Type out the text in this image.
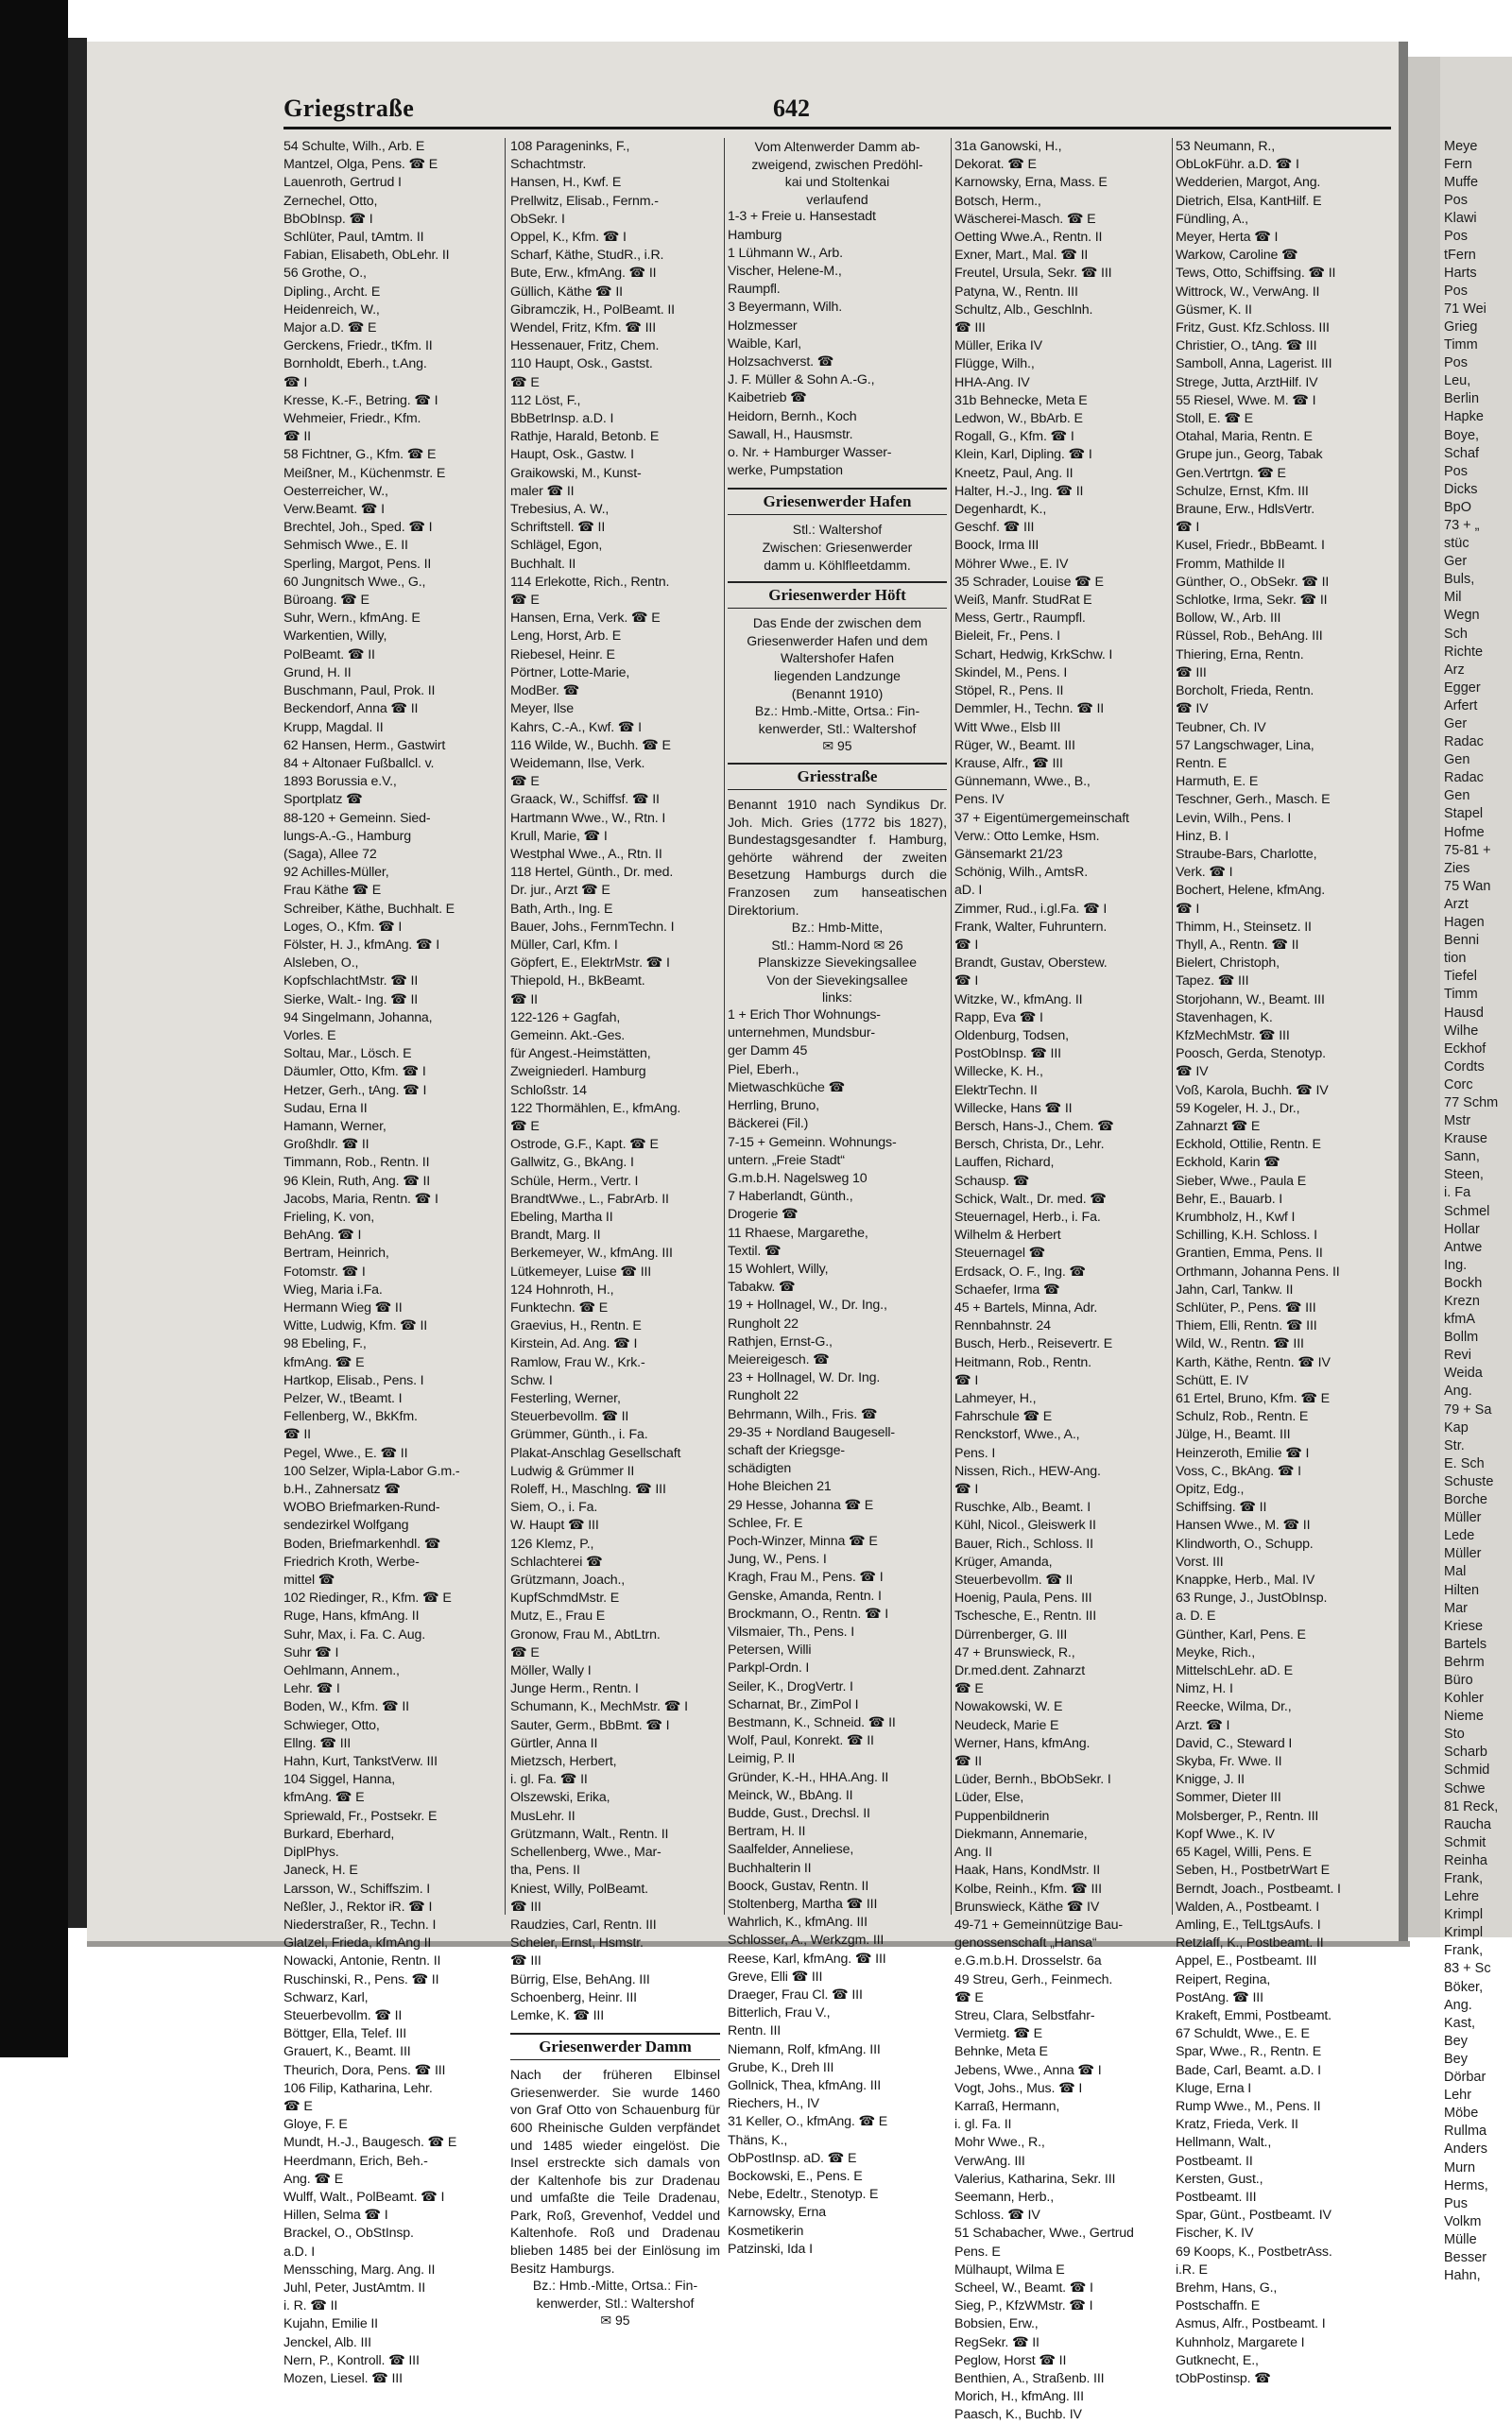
Meye
Fern
Muffe
Pos
Klawi
Pos
tFern
Harts
Pos
71 Wei
Grieg
Timm
Pos
Leu,
Berlin
Hapke
Boye,
Schaf
Pos
Dicks
BpO
73 + „
stüc
Ger
Buls,
Mil
Wegn
Sch
Richte
Arz
Egger
Arfert
Ger
Radac
Gen
Radac
Gen
Stapel
Hofme
75-81 +
Zies
75 Wan
Arzt
Hagen
Benni
tion
Tiefel
Timm
Hausd
Wilhe
Eckhof
Cordts
Corc
77 Schm
Mstr
Krause
Sann,
Steen,
i. Fa
Schmel
Hollar
Antwe
Ing.
Bockh
Krezn
kfmA
Bollm
Revi
Weida
Ang.
79 + Sa
Kap
Str.
E. Sch
Schuste
Borche
Müller
Lede
Müller
Mal
Hilten
Mar
Kriese
Bartels
Behrm
Büro
Kohler
Nieme
Sto
Scharb
Schmid
Schwe
81 Reck,
Raucha
Schmit
Reinha
Frank,
Lehre
Krimpl
Krimpl
Frank,
83 + Sc
Böker,
Ang.
Kast,
Bey
Bey
Dörbar
Lehr
Möbe
Rullma
Anders
Murn
Herms,
Pus
Volkm
Mülle
Besser
Hahn,
Griegstraße	642
54 Schulte, Wilh., Arb. E
Mantzel, Olga, Pens. ☎ E
Lauenroth, Gertrud I
Zernechel, Otto,
BbObInsp. ☎ I
Schlüter, Paul, tAmtm. II
Fabian, Elisabeth, ObLehr. II
56 Grothe, O.,
Dipling., Archt. E
Heidenreich, W.,
Major a.D. ☎ E
Gerckens, Friedr., tKfm. II
Bornholdt, Eberh., t.Ang.
☎ I
Kresse, K.-F., Betring. ☎ I
Wehmeier, Friedr., Kfm.
☎ II
58 Fichtner, G., Kfm. ☎ E
Meißner, M., Küchenmstr. E
Oesterreicher, W.,
Verw.Beamt. ☎ I
Brechtel, Joh., Sped. ☎ I
Sehmisch Wwe., E. II
Sperling, Margot, Pens. II
60 Jungnitsch Wwe., G.,
Büroang. ☎ E
Suhr, Wern., kfmAng. E
Warkentien, Willy,
PolBeamt. ☎ II
Grund, H. II
Buschmann, Paul, Prok. II
Beckendorf, Anna ☎ II
Krupp, Magdal. II
62 Hansen, Herm., Gastwirt
84 + Altonaer Fußballcl. v.
1893 Borussia e.V.,
Sportplatz ☎
88-120 + Gemeinn. Sied-
lungs-A.-G., Hamburg
(Saga), Allee 72
92 Achilles-Müller,
Frau Käthe ☎ E
Schreiber, Käthe, Buchhalt. E
Loges, O., Kfm. ☎ I
Fölster, H. J., kfmAng. ☎ I
Alsleben, O.,
KopfschlachtMstr. ☎ II
Sierke, Walt.- Ing. ☎ II
94 Singelmann, Johanna,
Vorles. E
Soltau, Mar., Lösch. E
Däumler, Otto, Kfm. ☎ I
Hetzer, Gerh., tAng. ☎ I
Sudau, Erna II
Hamann, Werner,
Großhdlr. ☎ II
Timmann, Rob., Rentn. II
96 Klein, Ruth, Ang. ☎ II
Jacobs, Maria, Rentn. ☎ I
Frieling, K. von,
BehAng. ☎ I
Bertram, Heinrich,
Fotomstr. ☎ I
Wieg, Maria i.Fa.
Hermann Wieg ☎ II
Witte, Ludwig, Kfm. ☎ II
98 Ebeling, F.,
kfmAng. ☎ E
Hartkop, Elisab., Pens. I
Pelzer, W., tBeamt. I
Fellenberg, W., BkKfm.
☎ II
Pegel, Wwe., E. ☎ II
100 Selzer, Wipla-Labor G.m.-
b.H., Zahnersatz ☎
WOBO Briefmarken-Rund-
sendezirkel Wolfgang
Boden, Briefmarkenhdl. ☎
Friedrich Kroth, Werbe-
mittel ☎
102 Riedinger, R., Kfm. ☎ E
Ruge, Hans, kfmAng. II
Suhr, Max, i. Fa. C. Aug.
Suhr ☎ I
Oehlmann, Annem.,
Lehr. ☎ I
Boden, W., Kfm. ☎ II
Schwieger, Otto,
Ellng. ☎ III
Hahn, Kurt, TankstVerw. III
104 Siggel, Hanna,
kfmAng. ☎ E
Spriewald, Fr., Postsekr. E
Burkard, Eberhard,
DiplPhys.
Janeck, H. E
Larsson, W., Schiffszim. I
Neßler, J., Rektor iR. ☎ I
Niederstraßer, R., Techn. I
Glatzel, Frieda, kfmAng II
Nowacki, Antonie, Rentn. II
Ruschinski, R., Pens. ☎ II
Schwarz, Karl,
Steuerbevollm. ☎ II
Böttger, Ella, Telef. III
Grauert, K., Beamt. III
Theurich, Dora, Pens. ☎ III
106 Filip, Katharina, Lehr.
☎ E
Gloye, F. E
Mundt, H.-J., Baugesch. ☎ E
Heerdmann, Erich, Beh.-
Ang. ☎ E
Wulff, Walt., PolBeamt. ☎ I
Hillen, Selma ☎ I
Brackel, O., ObStInsp.
a.D. I
Menssching, Marg. Ang. II
Juhl, Peter, JustAmtm. II
i. R. ☎ II
Kujahn, Emilie II
Jenckel, Alb. III
Nern, P., Kontroll. ☎ III
Mozen, Liesel. ☎ III
108 Parageninks, F.,
Schachtmstr.
Hansen, H., Kwf. E
Prellwitz, Elisab., Fernm.-
ObSekr. I
Oppel, K., Kfm. ☎ I
Scharf, Käthe, StudR., i.R.
Bute, Erw., kfmAng. ☎ II
Güllich, Käthe ☎ II
Gibramczik, H., PolBeamt. II
Wendel, Fritz, Kfm. ☎ III
Hessenauer, Fritz, Chem.
110 Haupt, Osk., Gastst.
☎ E
112 Löst, F.,
BbBetrInsp. a.D. I
Rathje, Harald, Betonb. E
Haupt, Osk., Gastw. I
Graikowski, M., Kunst-
maler ☎ II
Trebesius, A. W.,
Schriftstell. ☎ II
Schlägel, Egon,
Buchhalt. II
114 Erlekotte, Rich., Rentn.
☎ E
Hansen, Erna, Verk. ☎ E
Leng, Horst, Arb. E
Riebesel, Heinr. E
Pörtner, Lotte-Marie,
ModBer. ☎
Meyer, Ilse
Kahrs, C.-A., Kwf. ☎ I
116 Wilde, W., Buchh. ☎ E
Weidemann, Ilse, Verk.
☎ E
Graack, W., Schiffsf. ☎ II
Hartmann Wwe., W., Rtn. I
Krull, Marie, ☎ I
Westphal Wwe., A., Rtn. II
118 Hertel, Günth., Dr. med.
Dr. jur., Arzt ☎ E
Bath, Arth., Ing. E
Bauer, Johs., FernmTechn. I
Müller, Carl, Kfm. I
Göpfert, E., ElektrMstr. ☎ I
Thiepold, H., BkBeamt.
☎ II
122-126 + Gagfah,
Gemeinn. Akt.-Ges.
für Angest.-Heimstätten,
Zweigniederl. Hamburg
Schloßstr. 14
122 Thormählen, E., kfmAng.
☎ E
Ostrode, G.F., Kapt. ☎ E
Gallwitz, G., BkAng. I
Schüle, Herm., Vertr. I
BrandtWwe., L., FabrArb. II
Ebeling, Martha II
Brandt, Marg. II
Berkemeyer, W., kfmAng. III
Lütkemeyer, Luise ☎ III
124 Hohnroth, H.,
Funktechn. ☎ E
Graevius, H., Rentn. E
Kirstein, Ad. Ang. ☎ I
Ramlow, Frau W., Krk.-
Schw. I
Festerling, Werner,
Steuerbevollm. ☎ II
Grümmer, Günth., i. Fa.
Plakat-Anschlag Gesellschaft
Ludwig & Grümmer II
Roleff, H., Maschlng. ☎ III
Siem, O., i. Fa.
W. Haupt ☎ III
126 Klemz, P.,
Schlachterei ☎
Grützmann, Joach.,
KupfSchmdMstr. E
Mutz, E., Frau E
Gronow, Frau M., AbtLtrn.
☎ E
Möller, Wally I
Junge Herm., Rentn. I
Schumann, K., MechMstr. ☎ I
Sauter, Germ., BbBmt. ☎ I
Gürtler, Anna II
Mietzsch, Herbert,
i. gl. Fa. ☎ II
Olszewski, Erika,
MusLehr. II
Grützmann, Walt., Rentn. II
Schellenberg, Wwe., Mar-
tha, Pens. II
Kniest, Willy, PolBeamt.
☎ III
Raudzies, Carl, Rentn. III
Scheler, Ernst, Hsmstr.
☎ III
Bürrig, Else, BehAng. III
Schoenberg, Heinr. III
Lemke, K. ☎ III
Griesenwerder Damm
Nach der früheren Elbinsel Griesenwerder. Sie wurde 1460 von Graf Otto von Schauenburg für 600 Rheinische Gulden verpfändet und 1485 wieder eingelöst. Die Insel erstreckte sich damals von der Kaltenhofe bis zur Dradenau und umfaßte die Teile Dradenau, Park, Roß, Grevenhof, Veddel und Kaltenhofe. Roß und Dradenau blieben 1485 bei der Einlösung im Besitz Hamburgs.
Bz.: Hmb.-Mitte, Ortsa.: Fin-
kenwerder, Stl.: Waltershof
✉ 95
Vom Altenwerder Damm ab-
zweigend, zwischen Predöhl-
kai und Stoltenkai
verlaufend
1-3 + Freie u. Hansestadt
Hamburg
1 Lühmann W., Arb.
Vischer, Helene-M.,
Raumpfl.
3 Beyermann, Wilh.
Holzmesser
Waible, Karl,
Holzsachverst. ☎
J. F. Müller & Sohn A.-G.,
Kaibetrieb ☎
Heidorn, Bernh., Koch
Sawall, H., Hausmstr.
o. Nr. + Hamburger Wasser-
werke, Pumpstation
Griesenwerder Hafen
Stl.: Waltershof
Zwischen: Griesenwerder
damm u. Köhlfleetdamm.
Griesenwerder Höft
Das Ende der zwischen dem
Griesenwerder Hafen und dem
Waltershofer Hafen
liegenden Landzunge
(Benannt 1910)
Bz.: Hmb.-Mitte, Ortsa.: Fin-
kenwerder, Stl.: Waltershof
✉ 95
Griesstraße
Benannt 1910 nach Syndikus Dr. Joh. Mich. Gries (1772 bis 1827), Bundestagsgesandter f. Hamburg, gehörte während der zweiten Besetzung Hamburgs durch die Franzosen zum hanseatischen Direktorium.
Bz.: Hmb-Mitte,
Stl.: Hamm-Nord ✉ 26
Planskizze Sievekingsallee
Von der Sievekingsallee
links:
1 + Erich Thor Wohnungs-
unternehmen, Mundsbur-
ger Damm 45
Piel, Eberh.,
Mietwaschküche ☎
Herrling, Bruno,
Bäckerei (Fil.)
7-15 + Gemeinn. Wohnungs-
untern. „Freie Stadt“
G.m.b.H. Nagelsweg 10
7 Haberlandt, Günth.,
Drogerie ☎
11 Rhaese, Margarethe,
Textil. ☎
15 Wohlert, Willy,
Tabakw. ☎
19 + Hollnagel, W., Dr. Ing.,
Rungholt 22
Rathjen, Ernst-G.,
Meiereigesch. ☎
23 + Hollnagel, W. Dr. Ing.
Rungholt 22
Behrmann, Wilh., Fris. ☎
29-35 + Nordland Baugesell-
schaft der Kriegsge-
schädigten
Hohe Bleichen 21
29 Hesse, Johanna ☎ E
Schlee, Fr. E
Poch-Winzer, Minna ☎ E
Jung, W., Pens. I
Kragh, Frau M., Pens. ☎ I
Genske, Amanda, Rentn. I
Brockmann, O., Rentn. ☎ I
Vilsmaier, Th., Pens. I
Petersen, Willi
Parkpl-Ordn. I
Seiler, K., DrogVertr. I
Scharnat, Br., ZimPol I
Bestmann, K., Schneid. ☎ II
Wolf, Paul, Konrekt. ☎ II
Leimig, P. II
Gründer, K.-H., HHA.Ang. II
Meinck, W., BbAng. II
Budde, Gust., Drechsl. II
Bertram, H. II
Saalfelder, Anneliese,
Buchhalterin II
Boock, Gustav, Rentn. II
Stoltenberg, Martha ☎ III
Wahrlich, K., kfmAng. III
Schlosser, A., Werkzgm. III
Reese, Karl, kfmAng. ☎ III
Greve, Elli ☎ III
Draeger, Frau Cl. ☎ III
Bitterlich, Frau V.,
Rentn. III
Niemann, Rolf, kfmAng. III
Grube, K., Dreh III
Gollnick, Thea, kfmAng. III
Riechers, H., IV
31 Keller, O., kfmAng. ☎ E
Thäns, K.,
ObPostInsp. aD. ☎ E
Bockowski, E., Pens. E
Nebe, Edeltr., Stenotyp. E
Karnowsky, Erna
Kosmetikerin
Patzinski, Ida I
31a Ganowski, H.,
Dekorat. ☎ E
Karnowsky, Erna, Mass. E
Botsch, Herm.,
Wäscherei-Masch. ☎ E
Oetting Wwe.A., Rentn. II
Exner, Mart., Mal. ☎ II
Freutel, Ursula, Sekr. ☎ III
Patyna, W., Rentn. III
Schultz, Alb., Geschlnh.
☎ III
Müller, Erika IV
Flügge, Wilh.,
HHA-Ang. IV
31b Behnecke, Meta E
Ledwon, W., BbArb. E
Rogall, G., Kfm. ☎ I
Klein, Karl, Dipling. ☎ I
Kneetz, Paul, Ang. II
Halter, H.-J., Ing. ☎ II
Degenhardt, K.,
Geschf. ☎ III
Boock, Irma III
Möhrer Wwe., E. IV
35 Schrader, Louise ☎ E
Weiß, Manfr. StudRat E
Mess, Gertr., Raumpfl.
Bieleit, Fr., Pens. I
Schart, Hedwig, KrkSchw. I
Skindel, M., Pens. I
Stöpel, R., Pens. II
Demmler, H., Techn. ☎ II
Witt Wwe., Elsb III
Rüger, W., Beamt. III
Krause, Alfr., ☎ III
Günnemann, Wwe., B.,
Pens. IV
37 + Eigentümergemeinschaft
Verw.: Otto Lemke, Hsm.
Gänsemarkt 21/23
Schönig, Wilh., AmtsR.
aD. I
Zimmer, Rud., i.gl.Fa. ☎ I
Frank, Walter, Fuhruntern.
☎ I
Brandt, Gustav, Oberstew.
☎ I
Witzke, W., kfmAng. II
Rapp, Eva ☎ I
Oldenburg, Todsen,
PostObInsp. ☎ III
Willecke, K. H.,
ElektrTechn. II
Willecke, Hans ☎ II
Bersch, Hans-J., Chem. ☎
Bersch, Christa, Dr., Lehr.
Lauffen, Richard,
Schausp. ☎
Schick, Walt., Dr. med. ☎
Steuernagel, Herb., i. Fa.
Wilhelm & Herbert
Steuernagel ☎
Erdsack, O. F., Ing. ☎
Schaefer, Irma ☎
45 + Bartels, Minna, Adr.
Rennbahnstr. 24
Busch, Herb., Reisevertr. E
Heitmann, Rob., Rentn.
☎ I
Lahmeyer, H.,
Fahrschule ☎ E
Renckstorf, Wwe., A.,
Pens. I
Nissen, Rich., HEW-Ang.
☎ I
Ruschke, Alb., Beamt. I
Kühl, Nicol., Gleiswerk II
Bauer, Rich., Schloss. II
Krüger, Amanda,
Steuerbevollm. ☎ II
Hoenig, Paula, Pens. III
Tschesche, E., Rentn. III
Dürrenberger, G. III
47 + Brunswieck, R.,
Dr.med.dent. Zahnarzt
☎ E
Nowakowski, W. E
Neudeck, Marie E
Werner, Hans, kfmAng.
☎ II
Lüder, Bernh., BbObSekr. I
Lüder, Else,
Puppenbildnerin
Diekmann, Annemarie,
Ang. II
Haak, Hans, KondMstr. II
Kolbe, Reinh., Kfm. ☎ III
Brunswieck, Käthe ☎ IV
49-71 + Gemeinnützige Bau-
genossenschaft „Hansa“
e.G.m.b.H. Drosselstr. 6a
49 Streu, Gerh., Feinmech.
☎ E
Streu, Clara, Selbstfahr-
Vermietg. ☎ E
Behnke, Meta E
Jebens, Wwe., Anna ☎ I
Vogt, Johs., Mus. ☎ I
Karraß, Hermann,
i. gl. Fa. II
Mohr Wwe., R.,
VerwAng. III
Valerius, Katharina, Sekr. III
Seemann, Herb.,
Schloss. ☎ IV
51 Schabacher, Wwe., Gertrud
Pens. E
Mülhaupt, Wilma E
Scheel, W., Beamt. ☎ I
Sieg, P., KfzWMstr. ☎ I
Bobsien, Erw.,
RegSekr. ☎ II
Peglow, Horst ☎ II
Benthien, A., Straßenb. III
Morich, H., kfmAng. III
Paasch, K., Buchb. IV
53 Neumann, R.,
ObLokFühr. a.D. ☎ I
Wedderien, Margot, Ang.
Dietrich, Elsa, KantHilf. E
Fündling, A.,
Meyer, Herta ☎ I
Warkow, Caroline ☎
Tews, Otto, Schiffsing. ☎ II
Wittrock, W., VerwAng. II
Güsmer, K. II
Fritz, Gust. Kfz.Schloss. III
Christier, O., tAng. ☎ III
Samboll, Anna, Lagerist. III
Strege, Jutta, ArztHilf. IV
55 Riesel, Wwe. M. ☎ I
Stoll, E. ☎ E
Otahal, Maria, Rentn. E
Grupe jun., Georg, Tabak
Gen.Vertrtgn. ☎ E
Schulze, Ernst, Kfm. III
Braune, Erw., HdlsVertr.
☎ I
Kusel, Friedr., BbBeamt. I
Fromm, Mathilde II
Günther, O., ObSekr. ☎ II
Schlotke, Irma, Sekr. ☎ II
Bollow, W., Arb. III
Rüssel, Rob., BehAng. III
Thiering, Erna, Rentn.
☎ III
Borcholt, Frieda, Rentn.
☎ IV
Teubner, Ch. IV
57 Langschwager, Lina,
Rentn. E
Harmuth, E. E
Teschner, Gerh., Masch. E
Levin, Wilh., Pens. I
Hinz, B. I
Straube-Bars, Charlotte,
Verk. ☎ I
Bochert, Helene, kfmAng.
☎ I
Thimm, H., Steinsetz. II
Thyll, A., Rentn. ☎ II
Bielert, Christoph,
Tapez. ☎ III
Storjohann, W., Beamt. III
Stavenhagen, K.
KfzMechMstr. ☎ III
Poosch, Gerda, Stenotyp.
☎ IV
Voß, Karola, Buchh. ☎ IV
59 Kogeler, H. J., Dr.,
Zahnarzt ☎ E
Eckhold, Ottilie, Rentn. E
Eckhold, Karin ☎
Sieber, Wwe., Paula E
Behr, E., Bauarb. I
Krumbholz, H., Kwf I
Schilling, K.H. Schloss. I
Grantien, Emma, Pens. II
Orthmann, Johanna Pens. II
Jahn, Carl, Tankw. II
Schlüter, P., Pens. ☎ III
Thiem, Elli, Rentn. ☎ III
Wild, W., Rentn. ☎ III
Karth, Käthe, Rentn. ☎ IV
Schütt, E. IV
61 Ertel, Bruno, Kfm. ☎ E
Schulz, Rob., Rentn. E
Jülge, H., Beamt. III
Heinzeroth, Emilie ☎ I
Voss, C., BkAng. ☎ I
Opitz, Edg.,
Schiffsing. ☎ II
Hansen Wwe., M. ☎ II
Klindworth, O., Schupp.
Vorst. III
Knappke, Herb., Mal. IV
63 Runge, J., JustObInsp.
a. D. E
Günther, Karl, Pens. E
Meyke, Rich.,
MittelschLehr. aD. E
Nimz, H. I
Reecke, Wilma, Dr.,
Arzt. ☎ I
David, C., Steward I
Skyba, Fr. Wwe. II
Knigge, J. II
Sommer, Dieter III
Molsberger, P., Rentn. III
Kopf Wwe., K. IV
65 Kagel, Willi, Pens. E
Seben, H., PostbetrWart E
Berndt, Joach., Postbeamt. I
Walden, A., Postbeamt. I
Amling, E., TelLtgsAufs. I
Retzlaff, K., Postbeamt. II
Appel, E., Postbeamt. III
Reipert, Regina,
PostAng. ☎ III
Krakeft, Emmi, Postbeamt.
67 Schuldt, Wwe., E. E
Spar, Wwe., R., Rentn. E
Bade, Carl, Beamt. a.D. I
Kluge, Erna I
Rump Wwe., M., Pens. II
Kratz, Frieda, Verk. II
Hellmann, Walt.,
Postbeamt. II
Kersten, Gust.,
Postbeamt. III
Spar, Günt., Postbeamt. IV
Fischer, K. IV
69 Koops, K., PostbetrAss.
i.R. E
Brehm, Hans, G.,
Postschaffn. E
Asmus, Alfr., Postbeamt. I
Kuhnholz, Margarete I
Gutknecht, E.,
tObPostinsp. ☎
